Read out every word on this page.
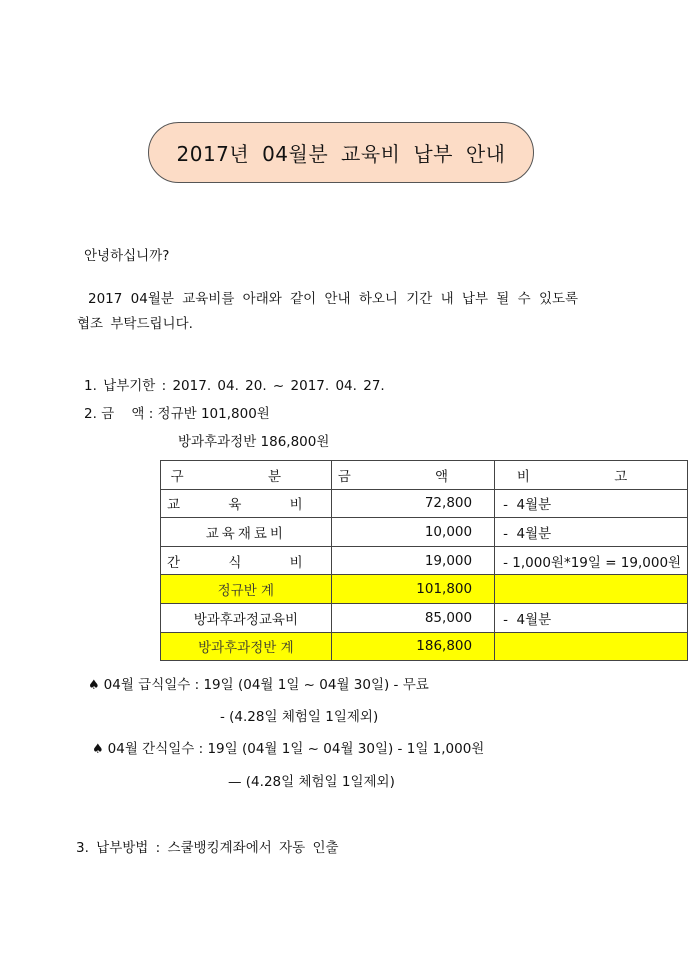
2017년 04월분 교육비 납부 안내
안녕하십니까?
2017 04월분 교육비를 아래와 같이 안내 하오니 기간 내 납부 될 수 있도록
협조 부탁드립니다.
1. 납부기한 : 2017. 04. 20. ~ 2017. 04. 27.
2. 금    액 : 정규반 101,800원
방과후과정반 186,800원
구 분	금 액	비 고
교 육 비	72,800	-  4월분
교육재료비	10,000	-  4월분
간 식 비	19,000	- 1,000원*19일 = 19,000원
정규반 계	101,800	
방과후과정교육비	85,000	-  4월분
방과후과정반 계	186,800	
♠ 04월 급식일수 : 19일 (04월 1일 ~ 04월 30일) - 무료
- (4.28일 체험일 1일제외)
♠ 04월 간식일수 : 19일 (04월 1일 ~ 04월 30일) - 1일 1,000원
— (4.28일 체험일 1일제외)
3. 납부방법 : 스쿨뱅킹계좌에서 자동 인출
